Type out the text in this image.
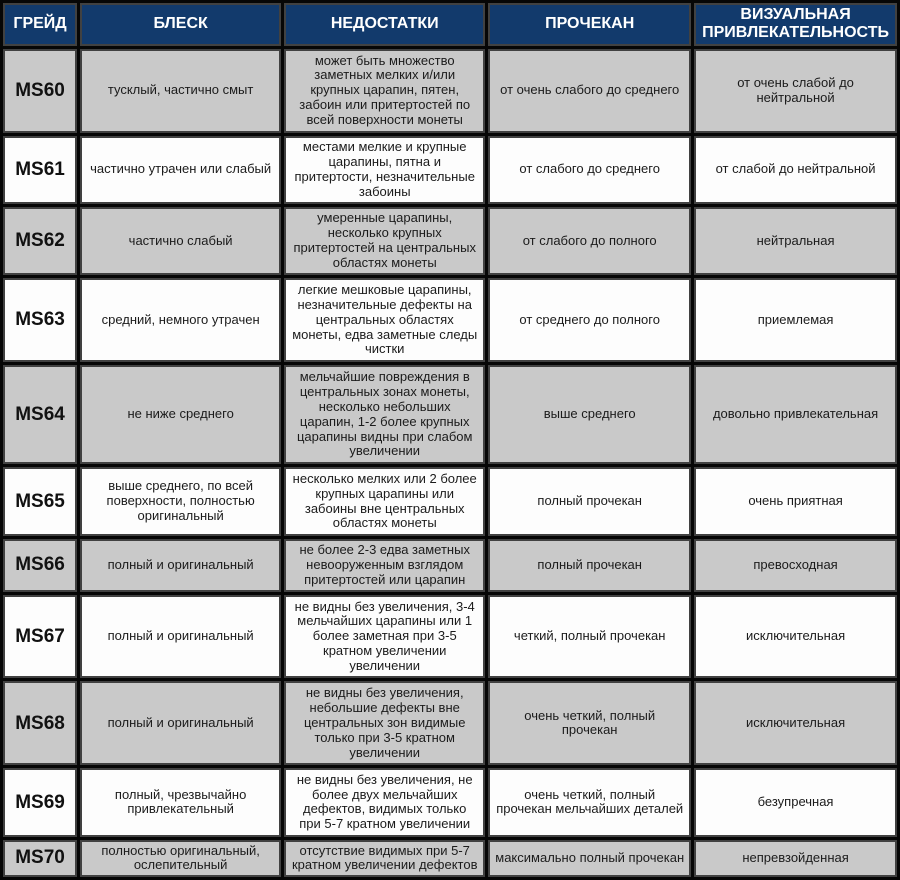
ГРЕЙД	БЛЕСК	НЕДОСТАТКИ	ПРОЧЕКАН	ВИЗУАЛЬНАЯ ПРИВЛЕКАТЕЛЬНОСТЬ
MS60	тусклый, частично смыт	может быть множество заметных мелких и/или крупных царапин, пятен, забоин или притертостей по всей поверхности монеты	от очень слабого до среднего	от очень слабой до нейтральной
MS61	частично утрачен или слабый	местами мелкие и крупные царапины, пятна и притертости, незначительные забоины	от слабого до среднего	от слабой до нейтральной
MS62	частично слабый	умеренные царапины, несколько крупных притертостей на центральных областях монеты	от слабого до полного	нейтральная
MS63	средний, немного утрачен	легкие мешковые царапины, незначительные дефекты на центральных областях монеты, едва заметные следы чистки	от среднего до полного	приемлемая
MS64	не ниже среднего	мельчайшие повреждения в центральных зонах монеты, несколько небольших царапин, 1-2 более крупных царапины видны при слабом увеличении	выше среднего	довольно привлекательная
MS65	выше среднего, по всей поверхности, полностью оригинальный	несколько мелких или 2 более крупных царапины или забоины вне центральных областях монеты	полный прочекан	очень приятная
MS66	полный и оригинальный	не более 2-3 едва заметных невооруженным взглядом притертостей или царапин	полный прочекан	превосходная
MS67	полный и оригинальный	не видны без увеличения, 3-4 мельчайших царапины или 1 более заметная при 3-5 кратном увеличении увеличении	четкий, полный прочекан	исключительная
MS68	полный и оригинальный	не видны без увеличения, небольшие дефекты вне центральных зон видимые только при 3-5 кратном увеличении	очень четкий, полный прочекан	исключительная
MS69	полный, чрезвычайно привлекательный	не видны без увеличения, не более двух мельчайших дефектов, видимых только при 5-7 кратном увеличении	очень четкий, полный прочекан мельчайших деталей	безупречная
MS70	полностью оригинальный, ослепительный	отсутствие видимых при 5-7 кратном увеличении дефектов	максимально полный прочекан	непревзойденная
